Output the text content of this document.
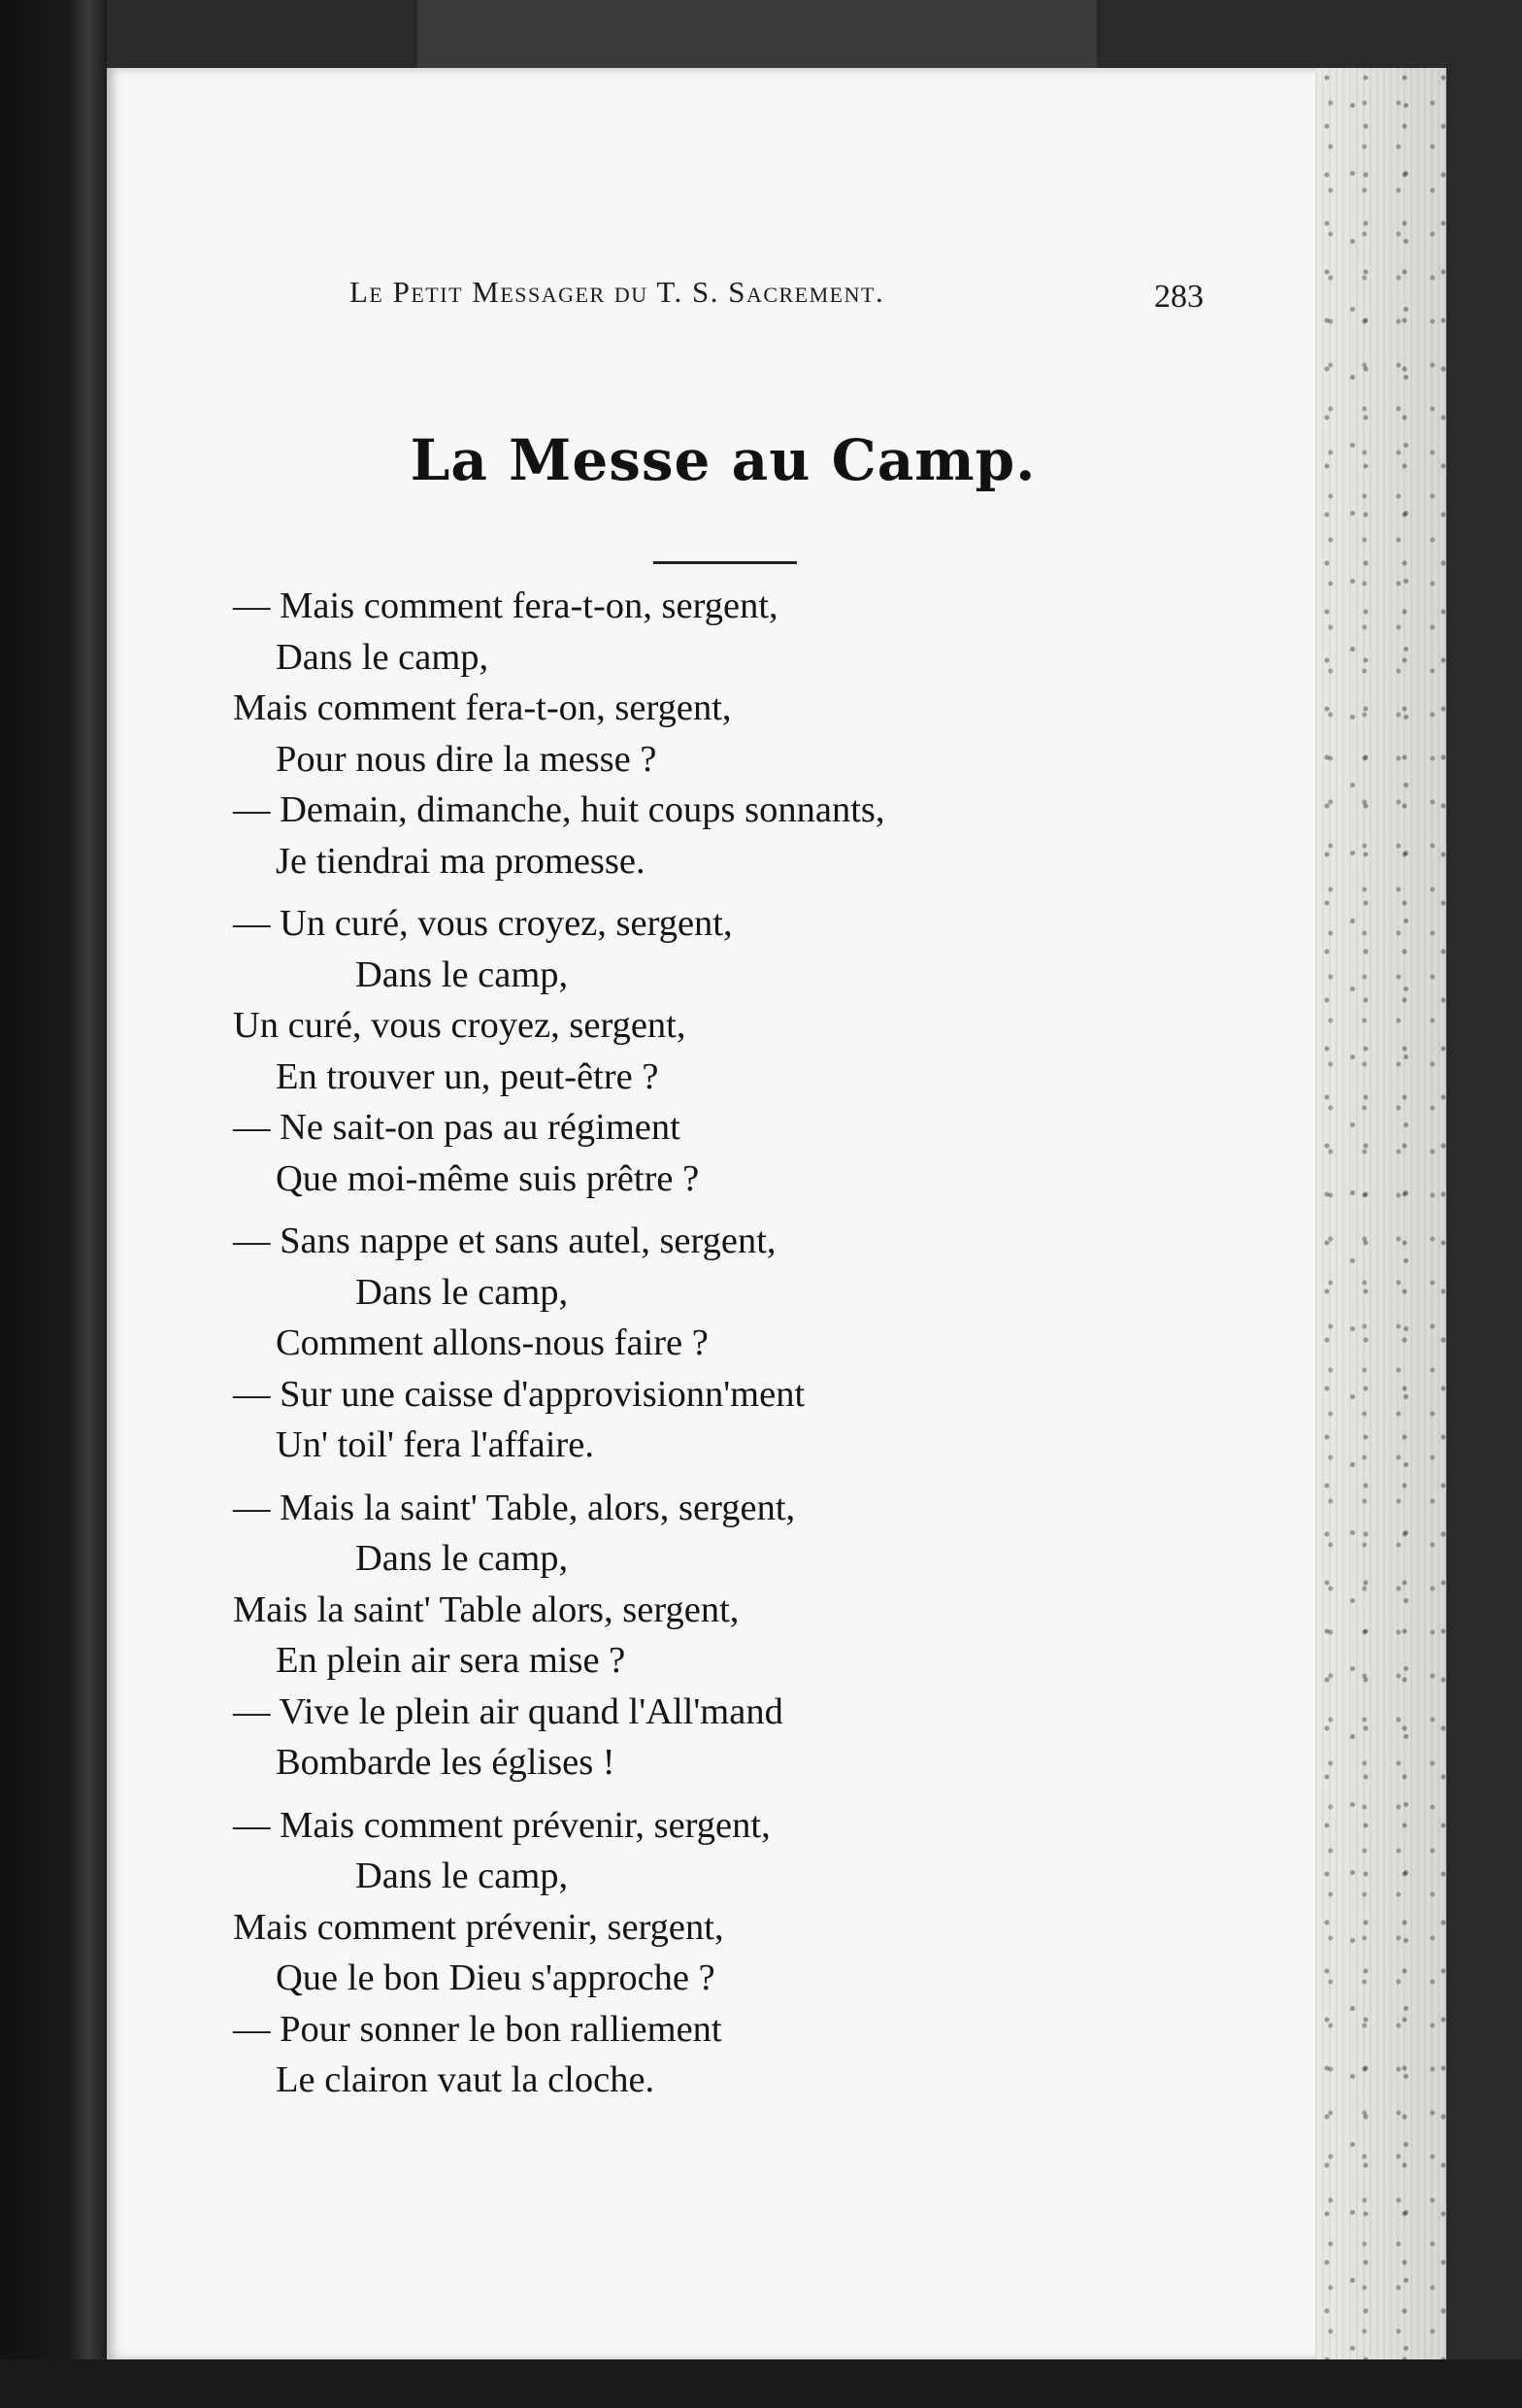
Le Petit Messager du T. S. Sacrement.	283
La Messe au Camp.
— Mais comment fera-t-on, sergent,
Dans le camp,
Mais comment fera-t-on, sergent,
Pour nous dire la messe ?
— Demain, dimanche, huit coups sonnants,
Je tiendrai ma promesse.
— Un curé, vous croyez, sergent,
Dans le camp,
Un curé, vous croyez, sergent,
En trouver un, peut-être ?
— Ne sait-on pas au régiment
Que moi-même suis prêtre ?
— Sans nappe et sans autel, sergent,
Dans le camp,
Comment allons-nous faire ?
— Sur une caisse d'approvisionn'ment
Un' toil' fera l'affaire.
— Mais la saint' Table, alors, sergent,
Dans le camp,
Mais la saint' Table alors, sergent,
En plein air sera mise ?
— Vive le plein air quand l'All'mand
Bombarde les églises !
— Mais comment prévenir, sergent,
Dans le camp,
Mais comment prévenir, sergent,
Que le bon Dieu s'approche ?
— Pour sonner le bon ralliement
Le clairon vaut la cloche.
